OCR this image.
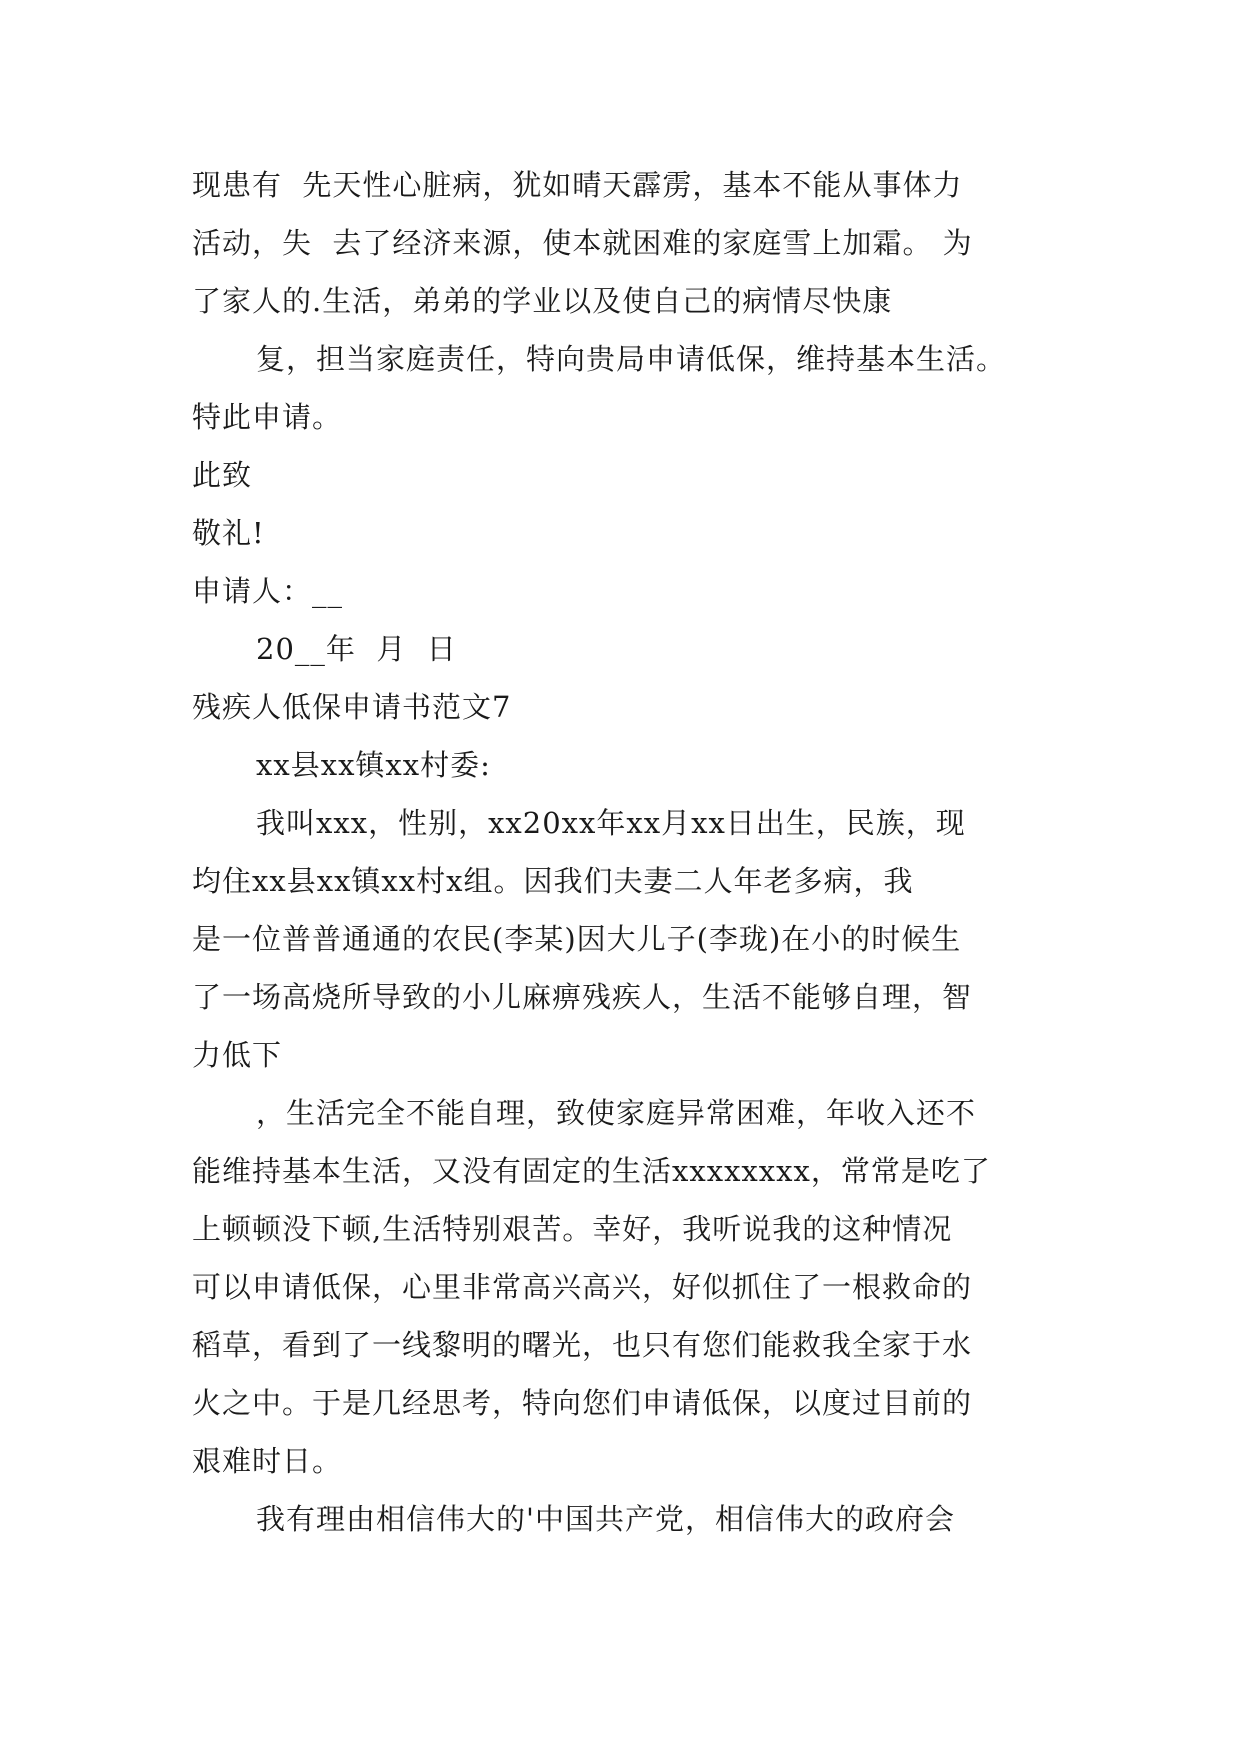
现患有  先天性心脏病，犹如晴天霹雳，基本不能从事体力
活动，失  去了经济来源，使本就困难的家庭雪上加霜。 为
了家人的.生活，弟弟的学业以及使自己的病情尽快康
复，担当家庭责任，特向贵局申请低保，维持基本生活。
特此申请。
此致
敬礼!
申请人：__
20__年  月  日
残疾人低保申请书范文7
xx县xx镇xx村委:
我叫xxx，性别，xx20xx年xx月xx日出生，民族，现
均住xx县xx镇xx村x组。因我们夫妻二人年老多病，我
是一位普普通通的农民(李某)因大儿子(李珑)在小的时候生
了一场高烧所导致的小儿麻痹残疾人，生活不能够自理，智
力低下
，生活完全不能自理，致使家庭异常困难，年收入还不
能维持基本生活，又没有固定的生活xxxxxxxx，常常是吃了
上顿顿没下顿,生活特别艰苦。幸好，我听说我的这种情况
可以申请低保，心里非常高兴高兴，好似抓住了一根救命的
稻草，看到了一线黎明的曙光，也只有您们能救我全家于水
火之中。于是几经思考，特向您们申请低保，以度过目前的
艰难时日。
我有理由相信伟大的'中国共产党，相信伟大的政府会
